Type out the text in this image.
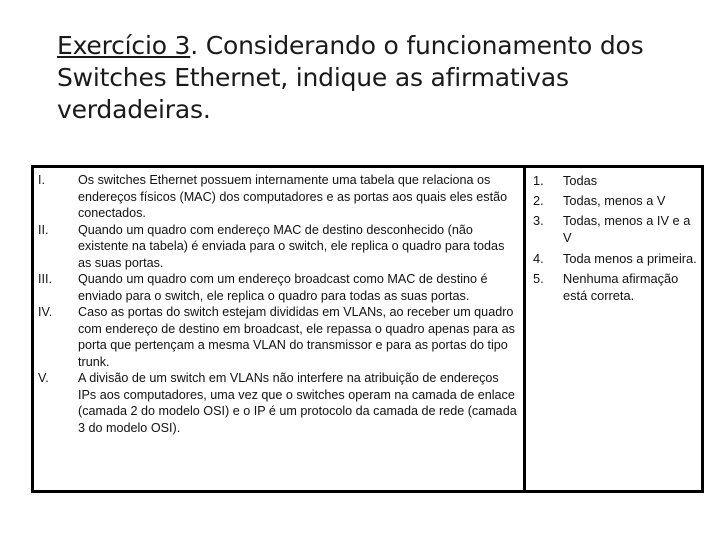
Exercício 3. Considerando o funcionamento dos Switches Ethernet, indique as afirmativas verdadeiras.
I.	Os switches Ethernet possuem internamente uma tabela que relaciona os endereços físicos (MAC) dos computadores e as portas aos quais eles estão conectados.
II.	Quando um quadro com endereço MAC de destino desconhecido (não existente na tabela) é enviada para o switch, ele replica o quadro para todas as suas portas.
III.	Quando um quadro com um endereço broadcast como MAC de destino é enviado para o switch, ele replica o quadro para todas as suas portas.
IV.	Caso as portas do switch estejam divididas em VLANs, ao receber um quadro com endereço de destino em broadcast, ele repassa o quadro apenas para as porta que pertençam a mesma VLAN do transmissor e para as portas do tipo trunk.
V.	A divisão de um switch em VLANs não interfere na atribuição de endereços IPs aos computadores, uma vez que o switches operam na camada de enlace (camada 2 do modelo OSI) e o IP é um protocolo da camada de rede (camada 3 do modelo OSI).
1.	Todas
2.	Todas, menos a V
3.	Todas, menos a IV e a V
4.	Toda menos a primeira.
5.	Nenhuma afirmação está correta.
